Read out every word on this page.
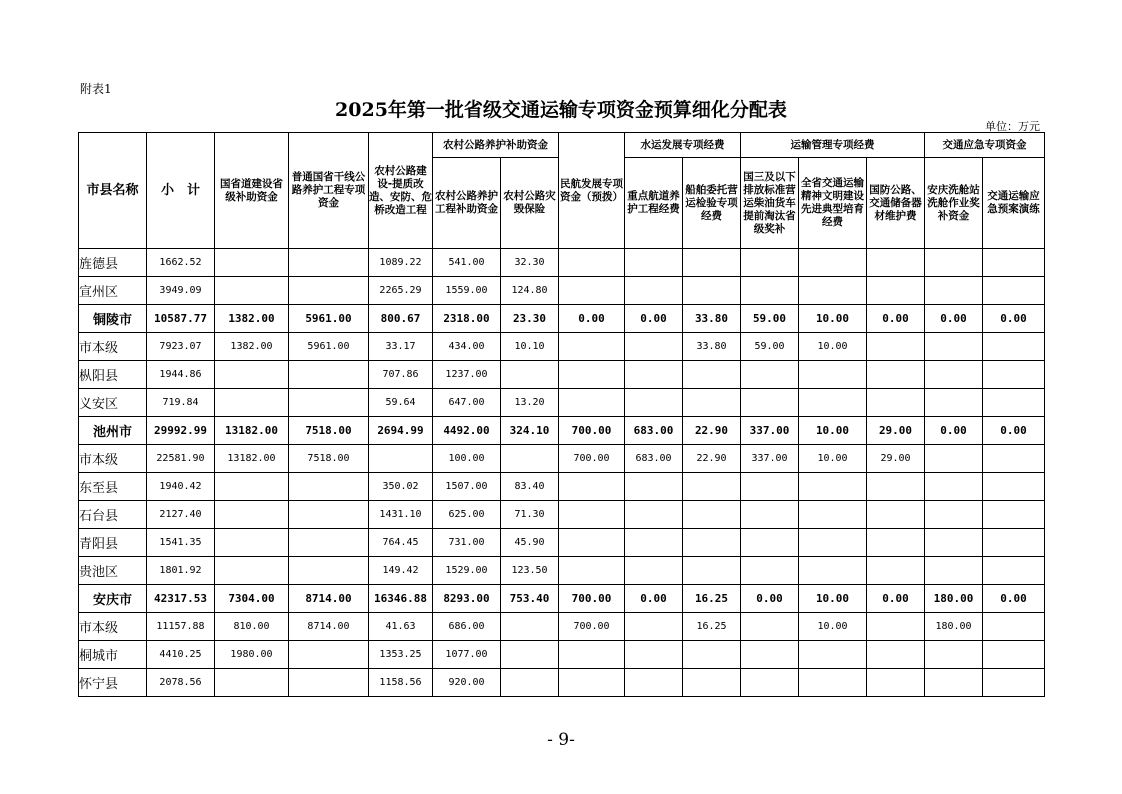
附表1
2025年第一批省级交通运输专项资金预算细化分配表
单位：万元
市县名称	小　计	国省道建设省级补助资金	普通国省干线公路养护工程专项资金	农村公路建设-提质改造、安防、危桥改造工程	农村公路养护补助资金		民航发展专项资金（预拨）	水运发展专项经费		运输管理专项经费			交通应急专项资金	
					农村公路养护工程补助资金	农村公路灾毁保险		重点航道养护工程经费	船舶委托营运检验专项经费	国三及以下排放标准营运柴油货车提前淘汰省级奖补	全省交通运输精神文明建设先进典型培育经费	国防公路、交通储备器材维护费	安庆洗舱站洗舱作业奖补资金	交通运输应急预案演练
旌德县	1662.52			1089.22	541.00	32.30								
宣州区	3949.09			2265.29	1559.00	124.80								
铜陵市	10587.77	1382.00	5961.00	800.67	2318.00	23.30	0.00	0.00	33.80	59.00	10.00	0.00	0.00	0.00
市本级	7923.07	1382.00	5961.00	33.17	434.00	10.10			33.80	59.00	10.00			
枞阳县	1944.86			707.86	1237.00									
义安区	719.84			59.64	647.00	13.20								
池州市	29992.99	13182.00	7518.00	2694.99	4492.00	324.10	700.00	683.00	22.90	337.00	10.00	29.00	0.00	0.00
市本级	22581.90	13182.00	7518.00		100.00		700.00	683.00	22.90	337.00	10.00	29.00		
东至县	1940.42			350.02	1507.00	83.40								
石台县	2127.40			1431.10	625.00	71.30								
青阳县	1541.35			764.45	731.00	45.90								
贵池区	1801.92			149.42	1529.00	123.50								
安庆市	42317.53	7304.00	8714.00	16346.88	8293.00	753.40	700.00	0.00	16.25	0.00	10.00	0.00	180.00	0.00
市本级	11157.88	810.00	8714.00	41.63	686.00		700.00		16.25		10.00		180.00	
桐城市	4410.25	1980.00		1353.25	1077.00									
怀宁县	2078.56			1158.56	920.00									
- 9-
